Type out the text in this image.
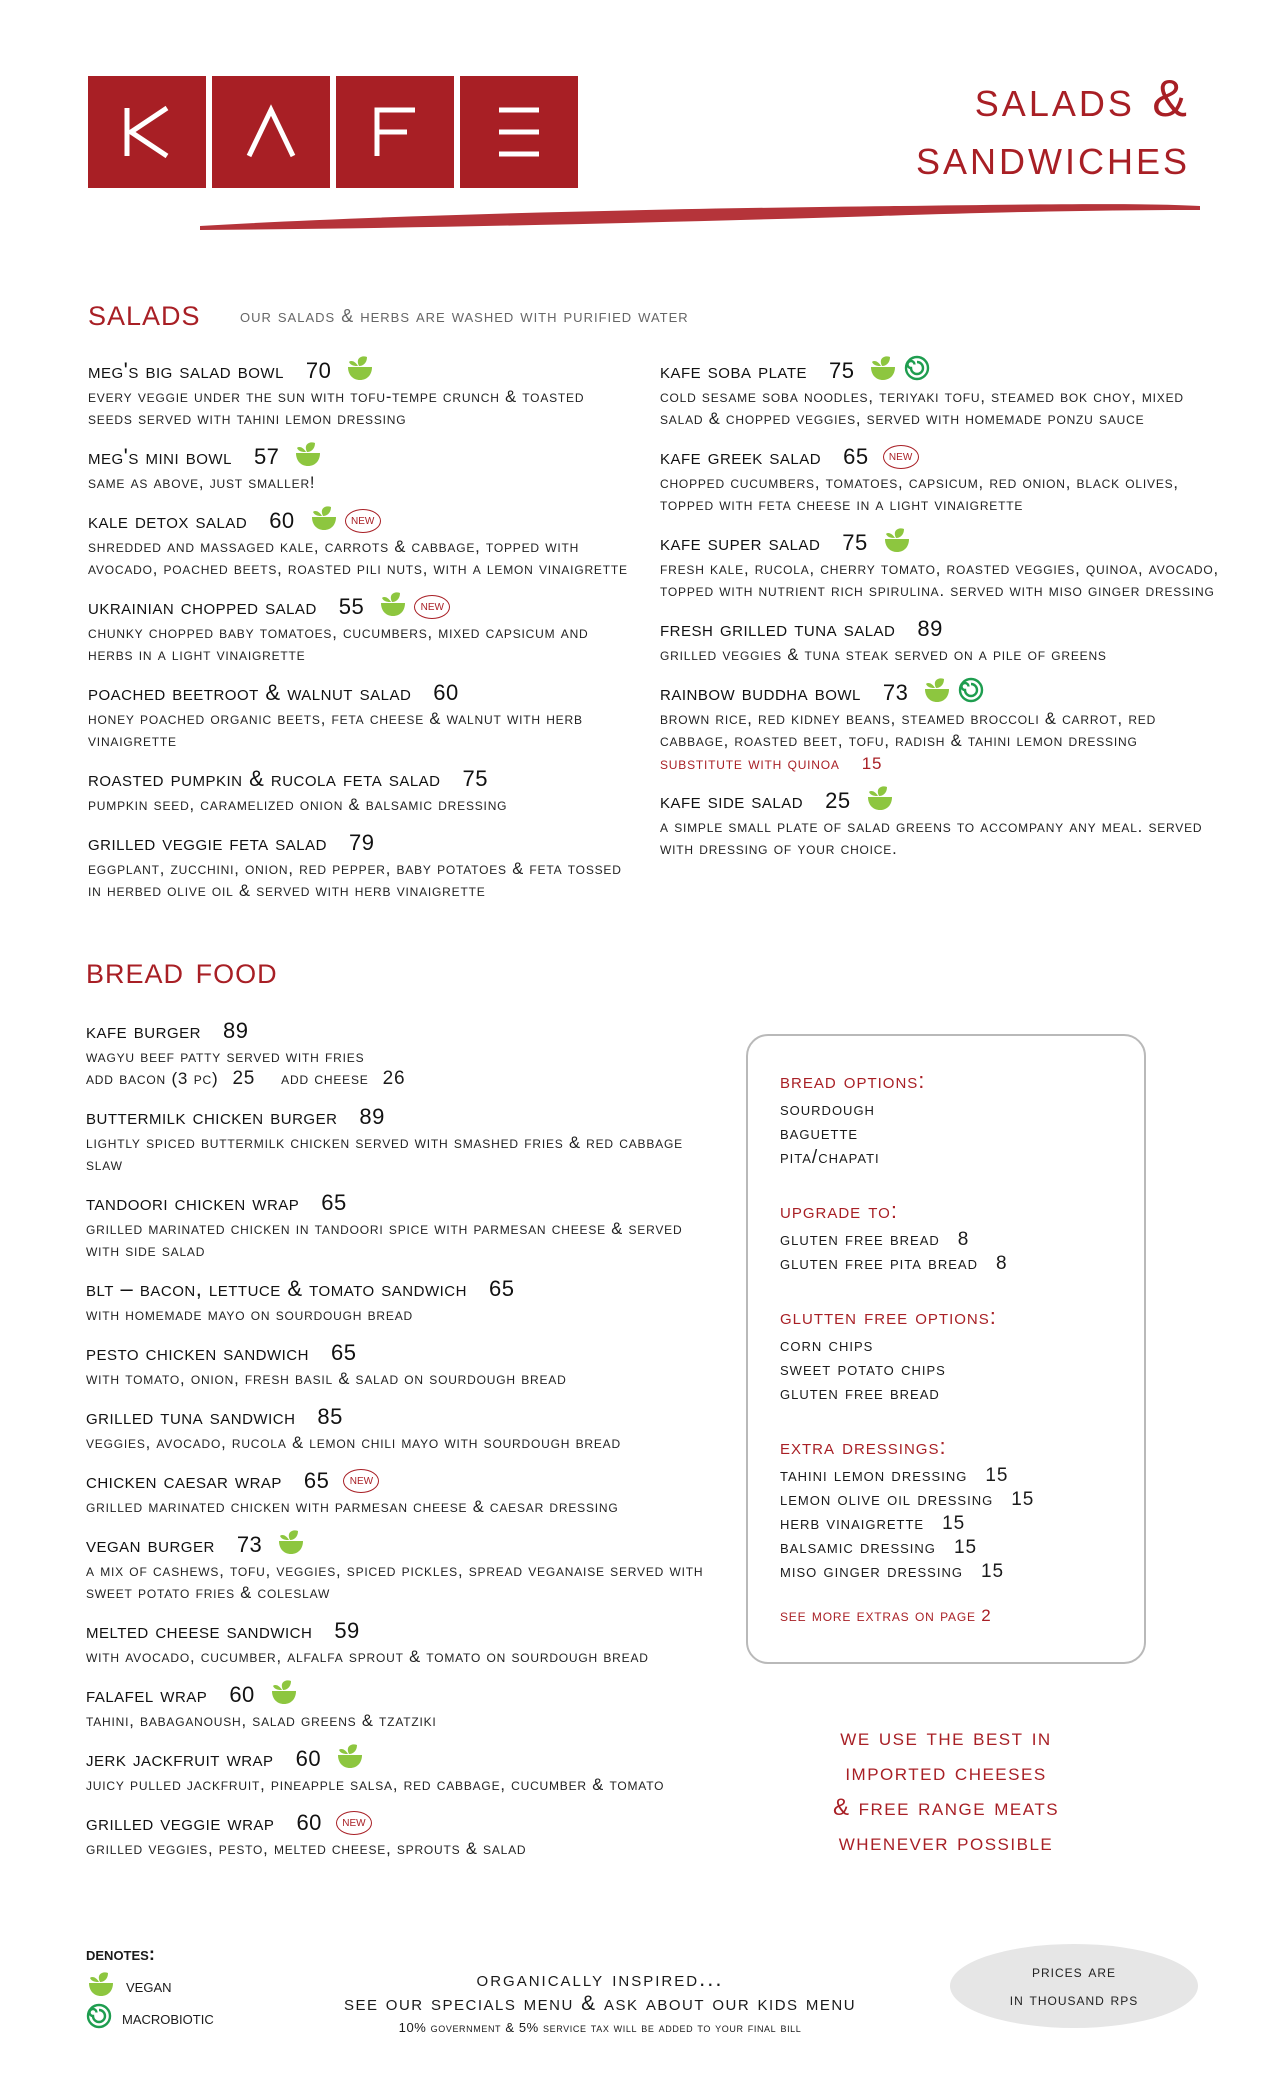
salads &
sandwiches
salads our salads & herbs are washed with purified water
meg's big salad bowl 70
every veggie under the sun with tofu-tempe crunch & toasted seeds served with tahini lemon dressing
meg's mini bowl 57
same as above, just smaller!
kale detox salad 60	NEW
shredded and massaged kale, carrots & cabbage, topped with avocado, poached beets, roasted pili nuts, with a lemon vinaigrette
ukrainian chopped salad 55	NEW
chunky chopped baby tomatoes, cucumbers, mixed capsicum and herbs in a light vinaigrette
poached beetroot & walnut salad 60
honey poached organic beets, feta cheese & walnut with herb vinaigrette
roasted pumpkin & rucola feta salad 75
pumpkin seed, caramelized onion & balsamic dressing
grilled veggie feta salad 79
eggplant, zucchini, onion, red pepper, baby potatoes & feta tossed in herbed olive oil & served with herb vinaigrette
kafe soba plate 75
cold sesame soba noodles, teriyaki tofu, steamed bok choy, mixed salad & chopped veggies, served with homemade ponzu sauce
kafe greek salad 65	NEW
chopped cucumbers, tomatoes, capsicum, red onion, black olives, topped with feta cheese in a light vinaigrette
kafe super salad 75
fresh kale, rucola, cherry tomato, roasted veggies, quinoa, avocado, topped with nutrient rich spirulina. served with miso ginger dressing
fresh grilled tuna salad 89
grilled veggies & tuna steak served on a pile of greens
rainbow buddha bowl 73
brown rice, red kidney beans, steamed broccoli & carrot, red cabbage, roasted beet, tofu, radish & tahini lemon dressing
substitute with quinoa 15
kafe side salad 25
a simple small plate of salad greens to accompany any meal. served with dressing of your choice.
bread food
kafe burger 89
wagyu beef patty served with fries
add bacon (3 pc) 25 add cheese 26
buttermilk chicken burger 89
lightly spiced buttermilk chicken served with smashed fries & red cabbage slaw
tandoori chicken wrap 65
grilled marinated chicken in tandoori spice with parmesan cheese & served with side salad
blt – bacon, lettuce & tomato sandwich 65
with homemade mayo on sourdough bread
pesto chicken sandwich 65
with tomato, onion, fresh basil & salad on sourdough bread
grilled tuna sandwich 85
veggies, avocado, rucola & lemon chili mayo with sourdough bread
chicken caesar wrap 65	NEW
grilled marinated chicken with parmesan cheese & caesar dressing
vegan burger 73
a mix of cashews, tofu, veggies, spiced pickles, spread veganaise served with sweet potato fries & coleslaw
melted cheese sandwich 59
with avocado, cucumber, alfalfa sprout & tomato on sourdough bread
falafel wrap 60
tahini, babaganoush, salad greens & tzatziki
jerk jackfruit wrap 60
juicy pulled jackfruit, pineapple salsa, red cabbage, cucumber & tomato
grilled veggie wrap 60	NEW
grilled veggies, pesto, melted cheese, sprouts & salad
bread options:
sourdough
baguette
pita/chapati
upgrade to:
gluten free bread 8
gluten free pita bread 8
glutten free options:
corn chips
sweet potato chips
gluten free bread
extra dressings:
tahini lemon dressing 15
lemon olive oil dressing 15
herb vinaigrette 15
balsamic dressing 15
miso ginger dressing 15
see more extras on page 2
we use the best in
imported cheeses
& free range meats
whenever possible
denotes:
vegan
macrobiotic
organically inspired...
see our specials menu & ask about our kids menu
10% government & 5% service tax will be added to your final bill
prices are
in thousand rps
